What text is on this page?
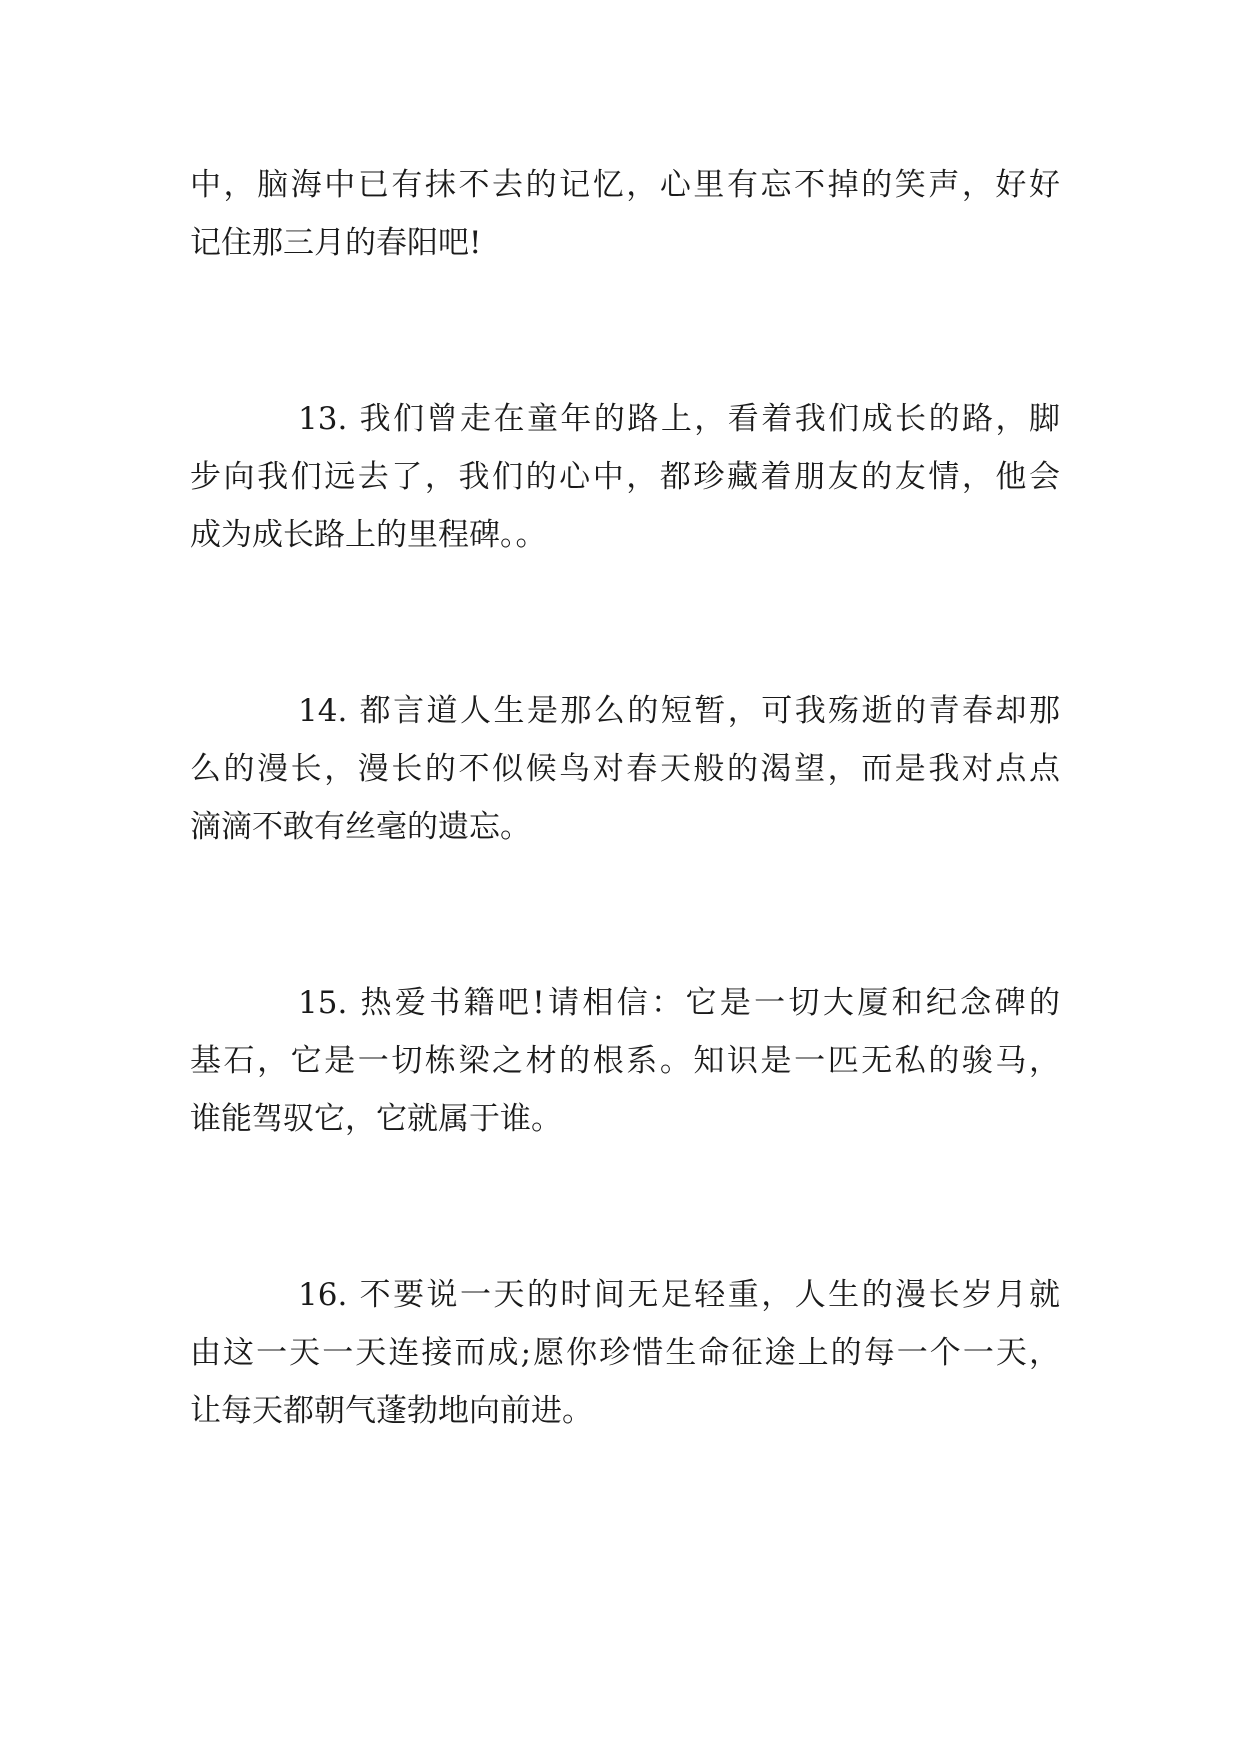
中，脑海中已有抹不去的记忆，心里有忘不掉的笑声，好好

记住那三月的春阳吧!

13. 我们曾走在童年的路上，看着我们成长的路，脚

步向我们远去了，我们的心中，都珍藏着朋友的友情，他会

成为成长路上的里程碑。。

14. 都言道人生是那么的短暂，可我殇逝的青春却那

么的漫长，漫长的不似候鸟对春天般的渴望，而是我对点点

滴滴不敢有丝毫的遗忘。

15. 热爱书籍吧!请相信：它是一切大厦和纪念碑的

基石，它是一切栋梁之材的根系。知识是一匹无私的骏马，

谁能驾驭它，它就属于谁。

16. 不要说一天的时间无足轻重，人生的漫长岁月就

由这一天一天连接而成;愿你珍惜生命征途上的每一个一天，

让每天都朝气蓬勃地向前进。
